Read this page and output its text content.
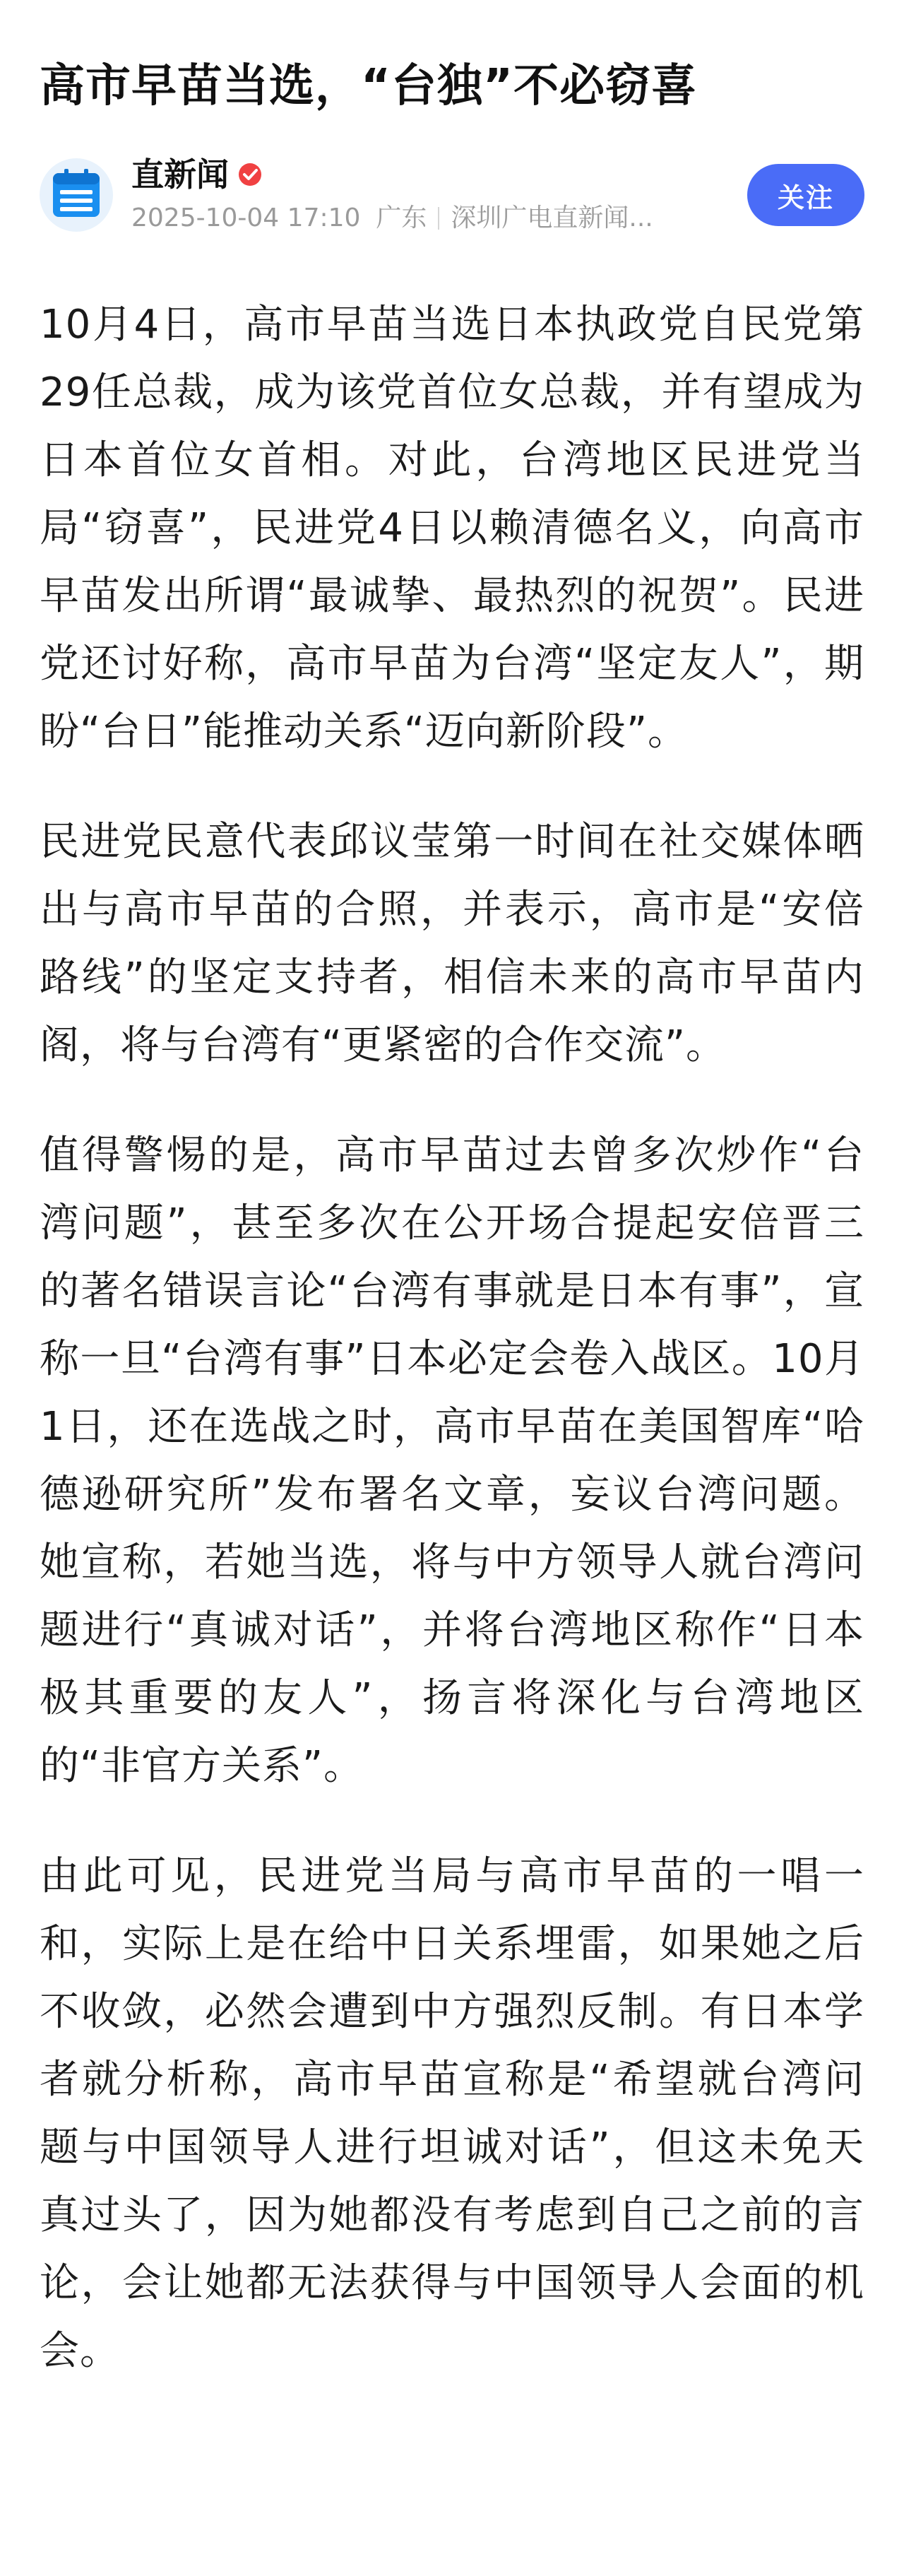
高市早苗当选，“台独”不必窃喜
直新闻
2025-10-04 17:10 广东 深圳广电直新闻...
关注

10月4日，高市早苗当选日本执政党自民党第29任总裁，成为该党首位女总裁，并有望成为日本首位女首相。对此，台湾地区民进党当局“窃喜”，民进党4日以赖清德名义，向高市早苗发出所谓“最诚挚、最热烈的祝贺”。民进党还讨好称，高市早苗为台湾“坚定友人”，期盼“台日”能推动关系“迈向新阶段”。

民进党民意代表邱议莹第一时间在社交媒体晒出与高市早苗的合照，并表示，高市是“安倍路线”的坚定支持者，相信未来的高市早苗内阁，将与台湾有“更紧密的合作交流”。

值得警惕的是，高市早苗过去曾多次炒作“台湾问题”，甚至多次在公开场合提起安倍晋三的著名错误言论“台湾有事就是日本有事”，宣称一旦“台湾有事”日本必定会卷入战区。10月1日，还在选战之时，高市早苗在美国智库“哈德逊研究所”发布署名文章，妄议台湾问题。她宣称，若她当选，将与中方领导人就台湾问题进行“真诚对话”，并将台湾地区称作“日本极其重要的友人”，扬言将深化与台湾地区的“非官方关系”。

由此可见，民进党当局与高市早苗的一唱一和，实际上是在给中日关系埋雷，如果她之后不收敛，必然会遭到中方强烈反制。有日本学者就分析称，高市早苗宣称是“希望就台湾问题与中国领导人进行坦诚对话”，但这未免天真过头了，因为她都没有考虑到自己之前的言论，会让她都无法获得与中国领导人会面的机会。
